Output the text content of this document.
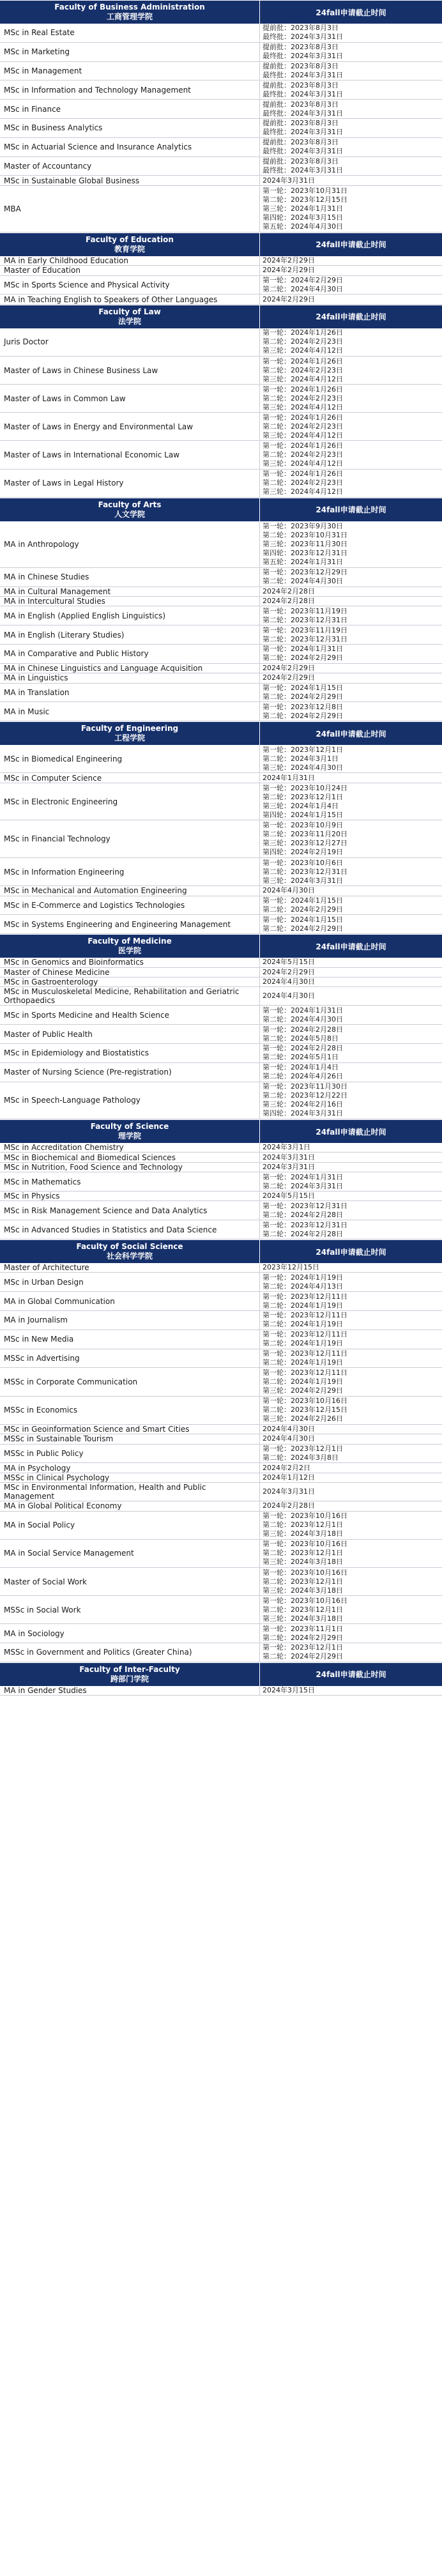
Faculty of Business Administration
工商管理学院	24fall申请截止时间
MSc in Real Estate
提前批：2023年8月3日
最终批：2024年3月31日
MSc in Marketing
提前批：2023年8月3日
最终批：2024年3月31日
MSc in Management
提前批：2023年8月3日
最终批：2024年3月31日
MSc in Information and Technology Management
提前批：2023年8月3日
最终批：2024年3月31日
MSc in Finance
提前批：2023年8月3日
最终批：2024年3月31日
MSc in Business Analytics
提前批：2023年8月3日
最终批：2024年3月31日
MSc in Actuarial Science and Insurance Analytics
提前批：2023年8月3日
最终批：2024年3月31日
Master of Accountancy
提前批：2023年8月3日
最终批：2024年3月31日
MSc in Sustainable Global Business	2024年3月31日
MBA
第一轮：2023年10月31日
第二轮：2023年12月15日
第三轮：2024年1月31日
第四轮：2024年3月15日
第五轮：2024年4月30日
Faculty of Education
教育学院	24fall申请截止时间
MA in Early Childhood Education	2024年2月29日
Master of Education	2024年2月29日
MSc in Sports Science and Physical Activity
第一轮：2024年2月29日
第二轮：2024年4月30日
MA in Teaching English to Speakers of Other Languages	2024年2月29日
Faculty of Law
法学院	24fall申请截止时间
Juris Doctor
第一轮：2024年1月26日
第二轮：2024年2月23日
第三轮：2024年4月12日
Master of Laws in Chinese Business Law
第一轮：2024年1月26日
第二轮：2024年2月23日
第三轮：2024年4月12日
Master of Laws in Common Law
第一轮：2024年1月26日
第二轮：2024年2月23日
第三轮：2024年4月12日
Master of Laws in Energy and Environmental Law
第一轮：2024年1月26日
第二轮：2024年2月23日
第三轮：2024年4月12日
Master of Laws in International Economic Law
第一轮：2024年1月26日
第二轮：2024年2月23日
第三轮：2024年4月12日
Master of Laws in Legal History
第一轮：2024年1月26日
第二轮：2024年2月23日
第三轮：2024年4月12日
Faculty of Arts
人文学院	24fall申请截止时间
MA in Anthropology
第一轮：2023年9月30日
第二轮：2023年10月31日
第三轮：2023年11月30日
第四轮：2023年12月31日
第五轮：2024年1月31日
MA in Chinese Studies
第一轮：2023年12月29日
第二轮：2024年4月30日
MA in Cultural Management	2024年2月28日
MA in Intercultural Studies	2024年2月28日
MA in English (Applied English Linguistics)
第一轮：2023年11月19日
第二轮：2023年12月31日
MA in English (Literary Studies)
第一轮：2023年11月19日
第二轮：2023年12月31日
MA in Comparative and Public History
第一轮：2024年1月31日
第二轮：2024年2月29日
MA in Chinese Linguistics and Language Acquisition	2024年2月29日
MA in Linguistics	2024年2月29日
MA in Translation
第一轮：2024年1月15日
第二轮：2024年2月29日
MA in Music
第一轮：2023年12月8日
第二轮：2024年2月29日
Faculty of Engineering
工程学院	24fall申请截止时间
MSc in Biomedical Engineering
第一轮：2023年12月1日
第二轮：2024年3月1日
第三轮：2024年4月30日
MSc in Computer Science	2024年1月31日
MSc in Electronic Engineering
第一轮：2023年10月24日
第二轮：2023年12月1日
第三轮：2024年1月4日
第四轮：2024年1月15日
MSc in Financial Technology
第一轮：2023年10月9日
第二轮：2023年11月20日
第三轮：2023年12月27日
第四轮：2024年2月19日
MSc in Information Engineering
第一轮：2023年10月6日
第二轮：2023年12月31日
第三轮：2024年3月31日
MSc in Mechanical and Automation Engineering	2024年4月30日
MSc in E-Commerce and Logistics Technologies
第一轮：2024年1月15日
第二轮：2024年2月29日
MSc in Systems Engineering and Engineering Management
第一轮：2024年1月15日
第二轮：2024年2月29日
Faculty of Medicine
医学院	24fall申请截止时间
MSc in Genomics and Bioinformatics	2024年5月15日
Master of Chinese Medicine	2024年2月29日
MSc in Gastroenterology	2024年4月30日
MSc in Musculoskeletal Medicine, Rehabilitation and Geriatric Orthopaedics
2024年4月30日
MSc in Sports Medicine and Health Science
第一轮：2024年1月31日
第二轮：2024年4月30日
Master of Public Health
第一轮：2024年2月28日
第二轮：2024年5月8日
MSc in Epidemiology and Biostatistics
第一轮：2024年2月28日
第二轮：2024年5月1日
Master of Nursing Science (Pre-registration)
第一轮：2024年1月4日
第二轮：2024年4月26日
MSc in Speech-Language Pathology
第一轮：2023年11月30日
第二轮：2023年12月22日
第三轮：2024年2月16日
第四轮：2024年3月31日
Faculty of Science
理学院	24fall申请截止时间
MSc in Accreditation Chemistry	2024年3月1日
MSc in Biochemical and Biomedical Sciences	2024年3月31日
MSc in Nutrition, Food Science and Technology	2024年3月31日
MSc in Mathematics
第一轮：2024年1月31日
第二轮：2024年3月31日
MSc in Physics	2024年5月15日
MSc in Risk Management Science and Data Analytics
第一轮：2023年12月31日
第二轮：2024年2月28日
MSc in Advanced Studies in Statistics and Data Science
第一轮：2023年12月31日
第二轮：2024年2月28日
Faculty of Social Science
社会科学学院	24fall申请截止时间
Master of Architecture	2023年12月15日
MSc in Urban Design
第一轮：2024年1月19日
第二轮：2024年4月13日
MA in Global Communication
第一轮：2023年12月11日
第二轮：2024年1月19日
MA in Journalism
第一轮：2023年12月11日
第二轮：2024年1月19日
MSc in New Media
第一轮：2023年12月11日
第二轮：2024年1月19日
MSSc in Advertising
第一轮：2023年12月11日
第二轮：2024年1月19日
MSSc in Corporate Communication
第一轮：2023年12月11日
第二轮：2024年1月19日
第三轮：2024年2月29日
MSSc in Economics
第一轮：2023年10月16日
第二轮：2023年12月15日
第三轮：2024年2月26日
MSc in Geoinformation Science and Smart Cities	2024年4月30日
MSSc in Sustainable Tourism	2024年4月30日
MSSc in Public Policy
第一轮：2023年12月1日
第二轮：2024年3月8日
MA in Psychology	2024年2月2日
MSSc in Clinical Psychology	2024年1月12日
MSc in Environmental Information, Health and Public Management
2024年3月31日
MA in Global Political Economy	2024年2月28日
MA in Social Policy
第一轮：2023年10月16日
第二轮：2023年12月1日
第三轮：2024年3月18日
MA in Social Service Management
第一轮：2023年10月16日
第二轮：2023年12月1日
第三轮：2024年3月18日
Master of Social Work
第一轮：2023年10月16日
第二轮：2023年12月1日
第三轮：2024年3月18日
MSSc in Social Work
第一轮：2023年10月16日
第二轮：2023年12月1日
第三轮：2024年3月18日
MA in Sociology
第一轮：2023年11月1日
第二轮：2024年2月29日
MSSc in Government and Politics (Greater China)
第一轮：2023年12月1日
第二轮：2024年2月29日
Faculty of Inter-Faculty
跨部门学院	24fall申请截止时间
MA in Gender Studies	2024年3月15日
